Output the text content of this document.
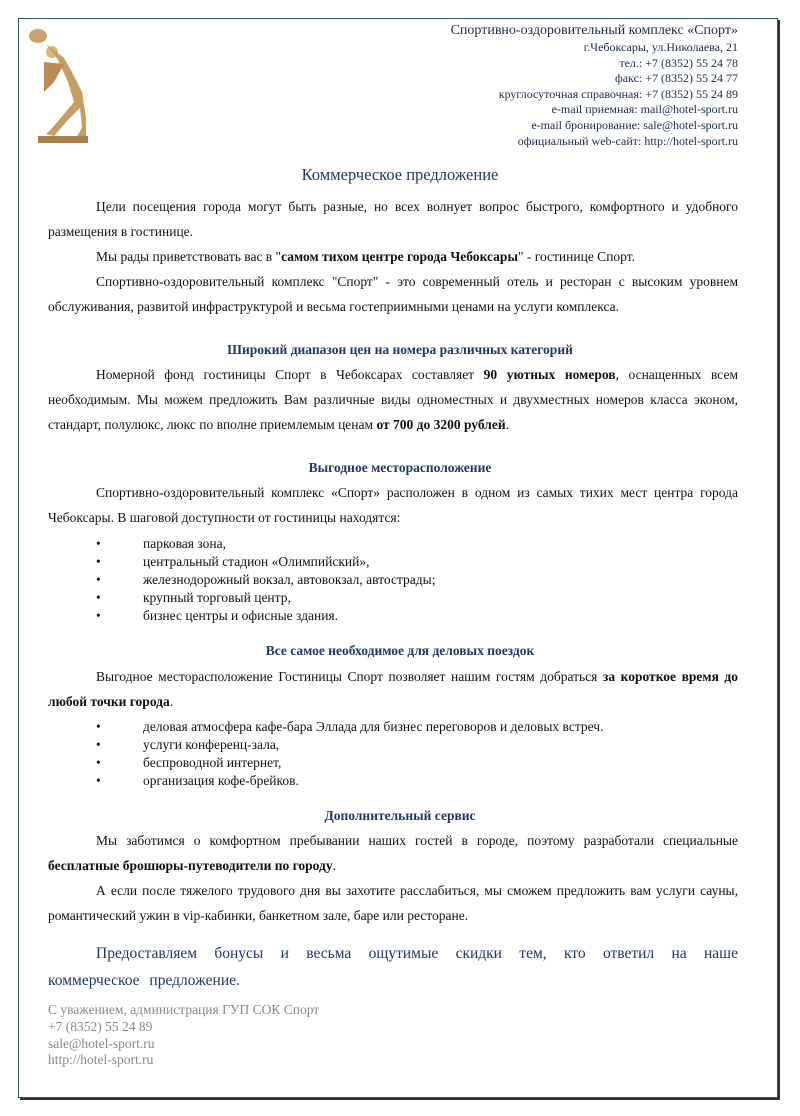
Спортивно-оздоровительный комплекс «Спорт»
г.Чебоксары, ул.Николаева, 21
тел.: +7 (8352) 55 24 78
факс: +7 (8352) 55 24 77
круглосуточная справочная: +7 (8352) 55 24 89
e-mail приемная: mail@hotel-sport.ru
e-mail бронирование: sale@hotel-sport.ru
официальный web-сайт: http://hotel-sport.ru
Коммерческое предложение

Цели посещения города могут быть разные, но всех волнует вопрос быстрого, комфортного и удобного размещения в гостинице.

Мы рады приветствовать вас в "самом тихом центре города Чебоксары" - гостинице Спорт.

Спортивно-оздоровительный комплекс "Спорт" - это современный отель и ресторан с высоким уровнем обслуживания, развитой инфраструктурой и весьма гостеприимными ценами на услуги комплекса.

Широкий диапазон цен на номера различных категорий

Номерной фонд гостиницы Спорт в Чебоксарах составляет 90 уютных номеров, оснащенных всем необходимым. Мы можем предложить Вам различные виды одноместных и двухместных номеров класса эконом, стандарт, полулюкс, люкс по вполне приемлемым ценам от 700 до 3200 рублей.

Выгодное месторасположение

Спортивно-оздоровительный комплекс «Спорт» расположен в одном из самых тихих мест центра города Чебоксары. В шаговой доступности от гостиницы находятся:

• парковая зона,
• центральный стадион «Олимпийский»,
• железнодорожный вокзал, автовокзал, автострады;
• крупный торговый центр,
• бизнес центры и офисные здания.
Все самое необходимое для деловых поездок

Выгодное месторасположение Гостиницы Спорт позволяет нашим гостям добраться за короткое время до любой точки города.

• деловая атмосфера кафе-бара Эллада для бизнес переговоров и деловых встреч.
• услуги конференц-зала,
• беспроводной интернет,
• организация кофе-брейков.
Дополнительный сервис

Мы заботимся о комфортном пребывании наших гостей в городе, поэтому разработали специальные бесплатные брошюры-путеводители по городу.

А если после тяжелого трудового дня вы захотите расслабиться, мы сможем предложить вам услуги сауны, романтический ужин в vip-кабинки, банкетном зале, баре или ресторане.

Предоставляем бонусы и весьма ощутимые скидки тем, кто ответил на наше коммерческое предложение.
С уважением, администрация ГУП СОК Спорт
+7 (8352) 55 24 89
sale@hotel-sport.ru
http://hotel-sport.ru
